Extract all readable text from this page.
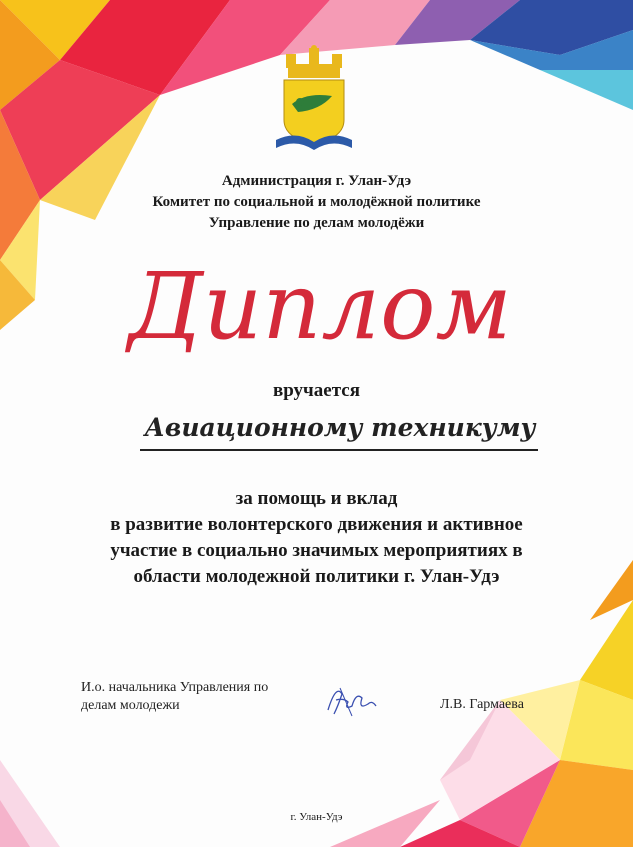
Администрация г. Улан-Удэ
Комитет по социальной и молодёжной политике
Управление по делам молодёжи
Диплом
вручается
Авиационному техникуму
за помощь и вклад
в развитие волонтерского движения и активное
участие в социально значимых мероприятиях в
области молодежной политики г. Улан-Удэ
И.о. начальника Управления по
делам молодежи	Л.В. Гармаева
г. Улан-Удэ
